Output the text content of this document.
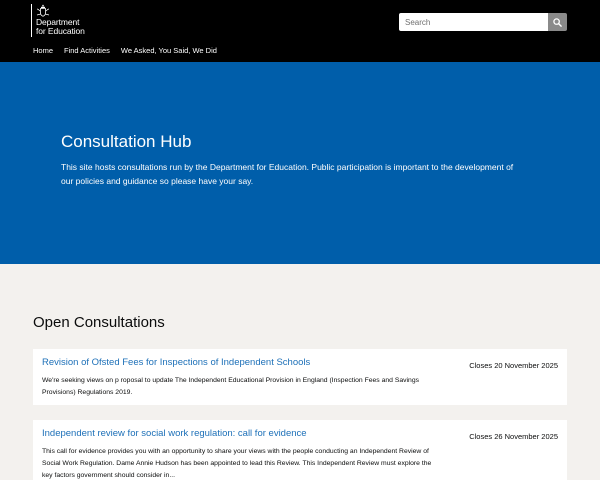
Department
for Education
Search
Home Find Activities We Asked, You Said, We Did
Consultation Hub

This site hosts consultations run by the Department for Education. Public participation is important to the development of our policies and guidance so please have your say.

Open Consultations
Revision of Ofsted Fees for Inspections of Independent Schools	Closes 20 November 2025

We're seeking views on p roposal to update The Independent Educational Provision in England (Inspection Fees and Savings Provisions) Regulations 2019.

Independent review for social work regulation: call for evidence	Closes 26 November 2025

This call for evidence provides you with an opportunity to share your views with the people conducting an Independent Review of Social Work Regulation. Dame Annie Hudson has been appointed to lead this Review. This Independent Review must explore the key factors government should consider in...
